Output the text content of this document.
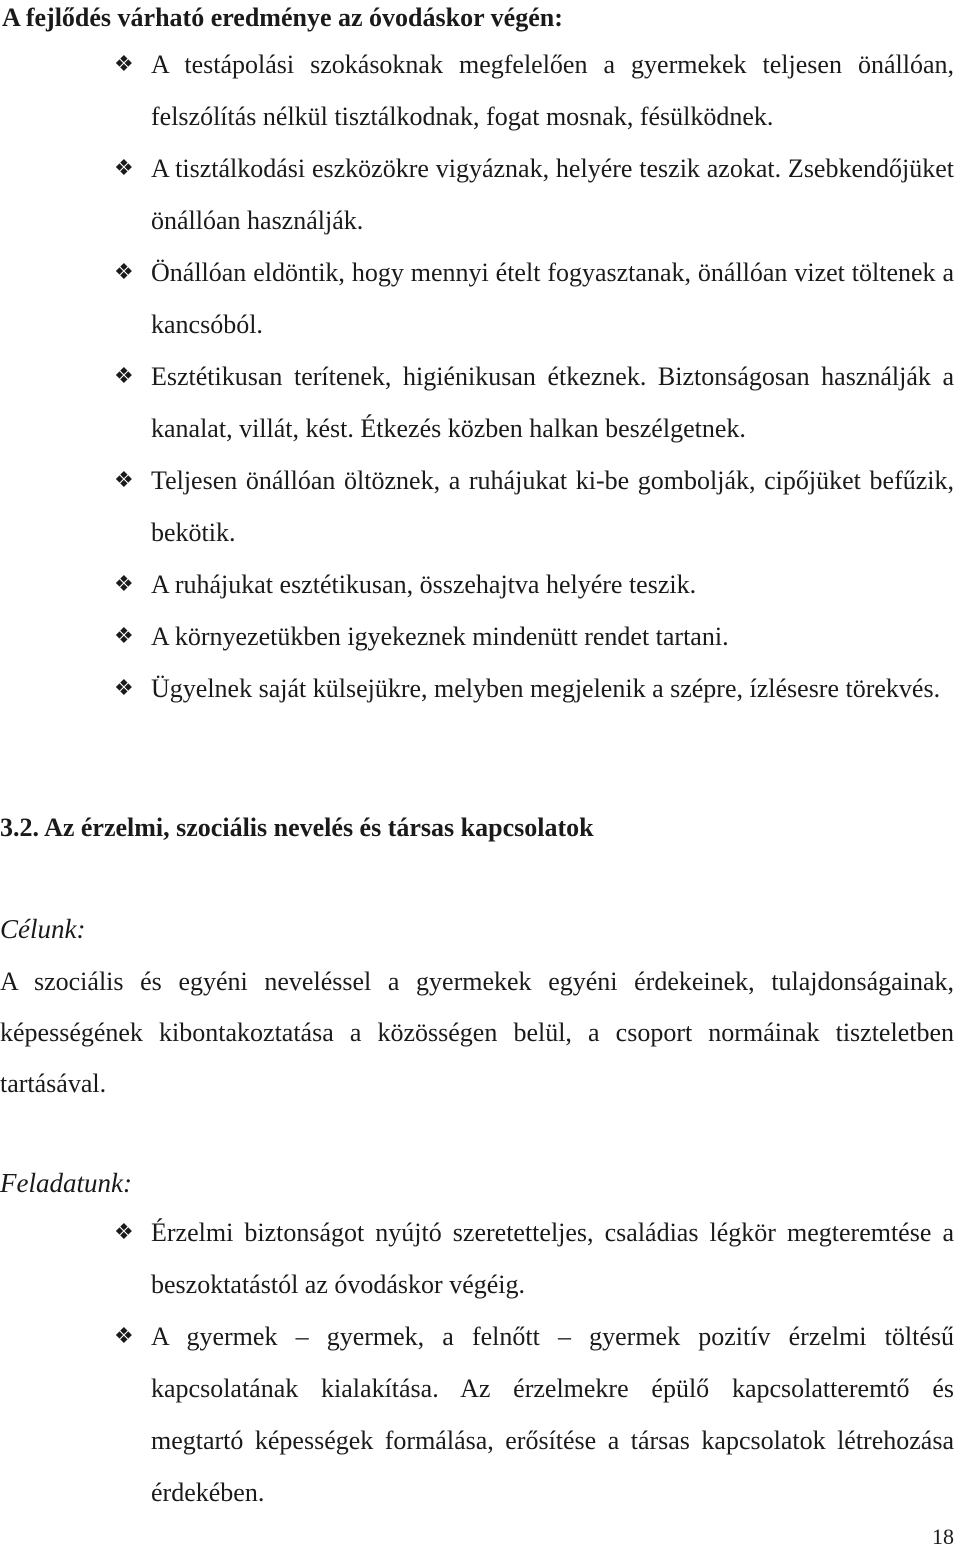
A fejlődés várható eredménye az óvodáskor végén:
❖ A testápolási szokásoknak megfelelően a gyermekek teljesen önállóan, felszólítás nélkül tisztálkodnak, fogat mosnak, fésülködnek.
❖ A tisztálkodási eszközökre vigyáznak, helyére teszik azokat. Zsebkendőjüket önállóan használják.
❖ Önállóan eldöntik, hogy mennyi ételt fogyasztanak, önállóan vizet töltenek a kancsóból.
❖ Esztétikusan terítenek, higiénikusan étkeznek. Biztonságosan használják a kanalat, villát, kést. Étkezés közben halkan beszélgetnek.
❖ Teljesen önállóan öltöznek, a ruhájukat ki-be gombolják, cipőjüket befűzik, bekötik.
❖ A ruhájukat esztétikusan, összehajtva helyére teszik.
❖ A környezetükben igyekeznek mindenütt rendet tartani.
❖ Ügyelnek saját külsejükre, melyben megjelenik a szépre, ízlésesre törekvés.
3.2. Az érzelmi, szociális nevelés és társas kapcsolatok
Célunk:

A szociális és egyéni neveléssel a gyermekek egyéni érdekeinek, tulajdonságainak, képességének kibontakoztatása a közösségen belül, a csoport normáinak tiszteletben tartásával.

Feladatunk:
❖ Érzelmi biztonságot nyújtó szeretetteljes, családias légkör megteremtése a beszoktatástól az óvodáskor végéig.
❖ A gyermek – gyermek, a felnőtt – gyermek pozitív érzelmi töltésű kapcsolatának kialakítása. Az érzelmekre épülő kapcsolatteremtő és megtartó képességek formálása, erősítése a társas kapcsolatok létrehozása érdekében.
18
